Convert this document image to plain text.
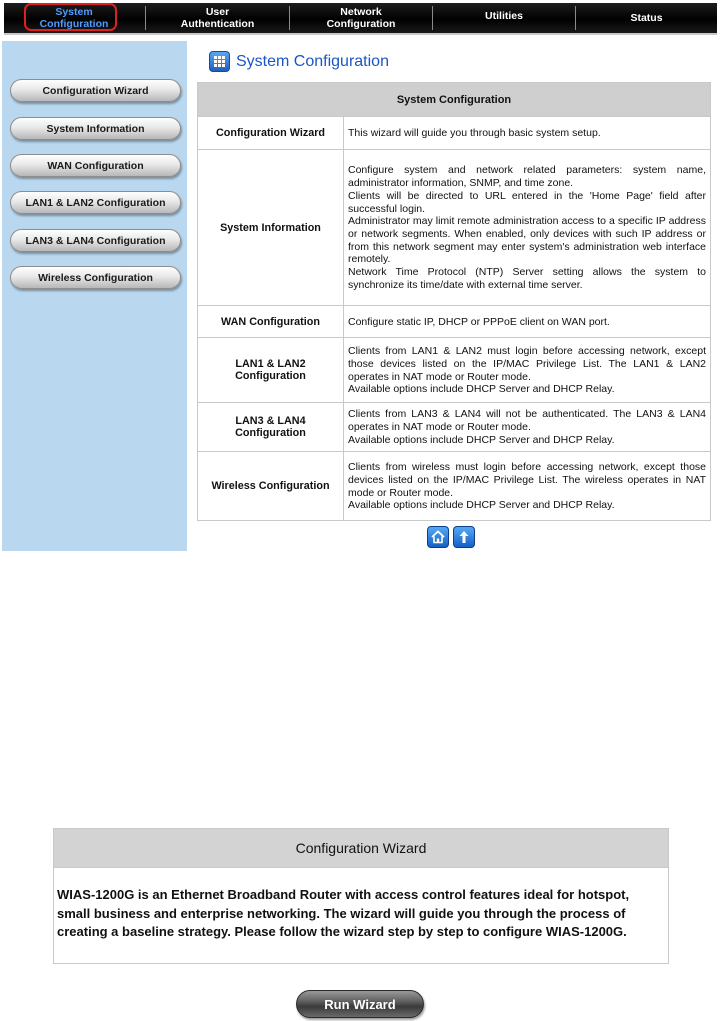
System
Configuration
User
Authentication
Network
Configuration
Utilities	Status
Configuration Wizard
System Information
WAN Configuration
LAN1 & LAN2 Configuration
LAN3 & LAN4 Configuration
Wireless Configuration
System Configuration
System Configuration	
Configuration Wizard	This wizard will guide you through basic system setup.

System Information	Configure system and network related parameters: system name, administrator information, SNMP, and time zone.
Clients will be directed to URL entered in the 'Home Page' field after successful login.
Administrator may limit remote administration access to a specific IP address or network segments. When enabled, only devices with such IP address or from this network segment may enter system's administration web interface remotely.
Network Time Protocol (NTP) Server setting allows the system to synchronize its time/date with external time server.

WAN Configuration	Configure static IP, DHCP or PPPoE client on WAN port.

LAN1 & LAN2 Configuration	Clients from LAN1 & LAN2 must login before accessing network, except those devices listed on the IP/MAC Privilege List. The LAN1 & LAN2 operates in NAT mode or Router mode.
Available options include DHCP Server and DHCP Relay.

LAN3 & LAN4 Configuration	Clients from LAN3 & LAN4 will not be authenticated. The LAN3 & LAN4 operates in NAT mode or Router mode.
Available options include DHCP Server and DHCP Relay.

Wireless Configuration	Clients from wireless must login before accessing network, except those devices listed on the IP/MAC Privilege List. The wireless operates in NAT mode or Router mode.
Available options include DHCP Server and DHCP Relay.
Configuration Wizard
WIAS-1200G is an Ethernet Broadband Router with access control features ideal for hotspot, small business and enterprise networking. The wizard will guide you through the process of creating a baseline strategy. Please follow the wizard step by step to configure WIAS-1200G.
Run Wizard
